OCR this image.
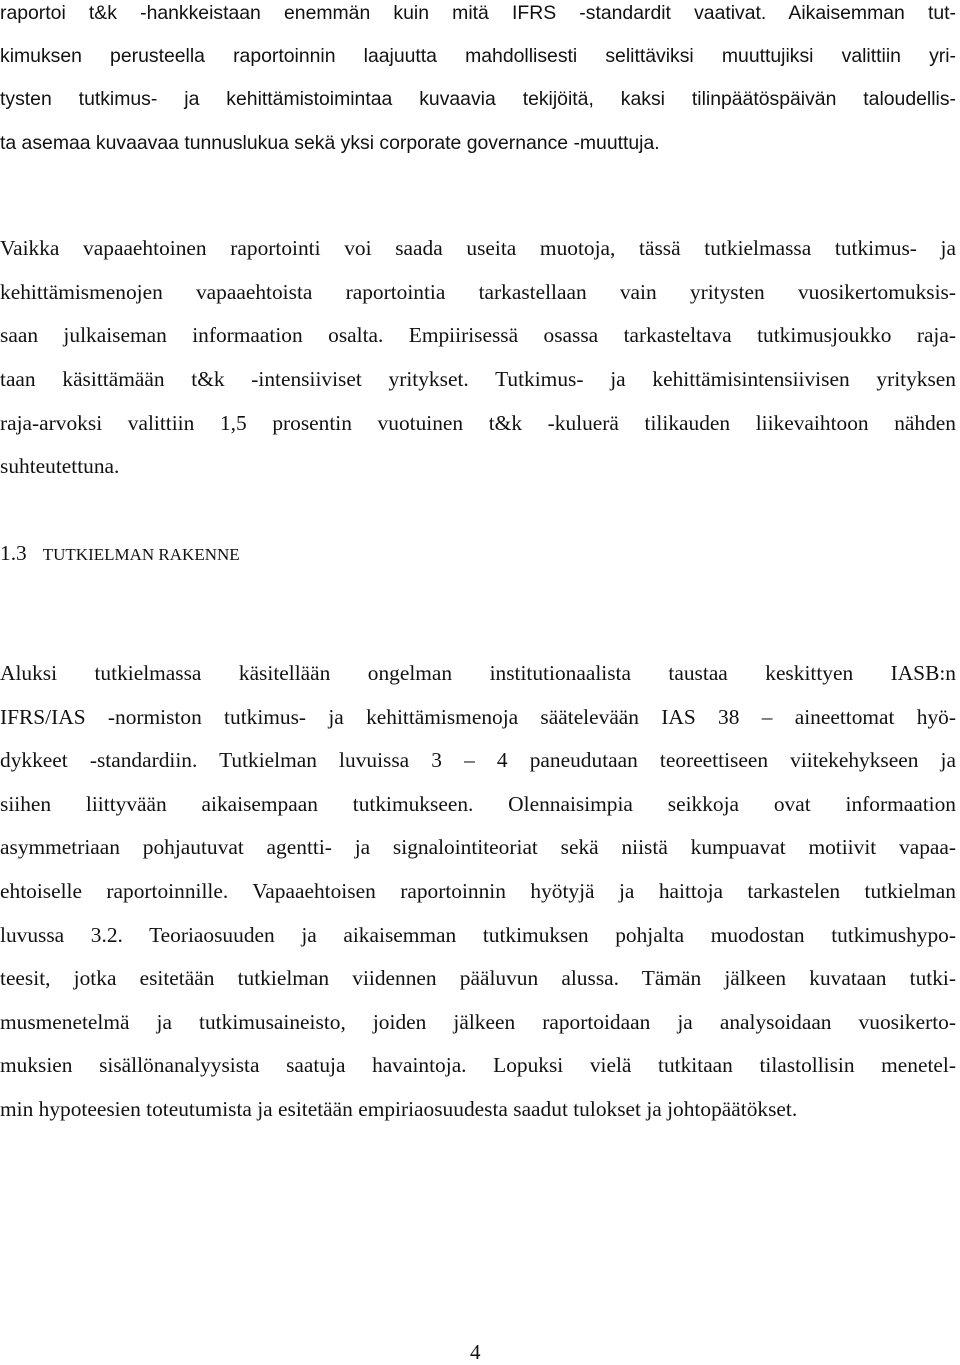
raportoi t&k -hankkeistaan enemmän kuin mitä IFRS -standardit vaativat. Aikaisemman tut-
kimuksen perusteella raportoinnin laajuutta mahdollisesti selittäviksi muuttujiksi valittiin yri-
tysten tutkimus- ja kehittämistoimintaa kuvaavia tekijöitä, kaksi tilinpäätöspäivän taloudellis-
ta asemaa kuvaavaa tunnuslukua sekä yksi corporate governance -muuttuja.
Vaikka vapaaehtoinen raportointi voi saada useita muotoja, tässä tutkielmassa tutkimus- ja
kehittämismenojen vapaaehtoista raportointia tarkastellaan vain yritysten vuosikertomuksis-
saan julkaiseman informaation osalta. Empiirisessä osassa tarkasteltava tutkimusjoukko raja-
taan käsittämään t&k -intensiiviset yritykset. Tutkimus- ja kehittämisintensiivisen yrityksen
raja-arvoksi valittiin 1,5 prosentin vuotuinen t&k -kuluerä tilikauden liikevaihtoon nähden
suhteutettuna.
1.3 TUTKIELMAN RAKENNE
Aluksi tutkielmassa käsitellään ongelman institutionaalista taustaa keskittyen IASB:n
IFRS/IAS -normiston tutkimus- ja kehittämismenoja säätelevään IAS 38 – aineettomat hyö-
dykkeet -standardiin. Tutkielman luvuissa 3 – 4 paneudutaan teoreettiseen viitekehykseen ja
siihen liittyvään aikaisempaan tutkimukseen. Olennaisimpia seikkoja ovat informaation
asymmetriaan pohjautuvat agentti- ja signalointiteoriat sekä niistä kumpuavat motiivit vapaa-
ehtoiselle raportoinnille. Vapaaehtoisen raportoinnin hyötyjä ja haittoja tarkastelen tutkielman
luvussa 3.2. Teoriaosuuden ja aikaisemman tutkimuksen pohjalta muodostan tutkimushypo-
teesit, jotka esitetään tutkielman viidennen pääluvun alussa. Tämän jälkeen kuvataan tutki-
musmenetelmä ja tutkimusaineisto, joiden jälkeen raportoidaan ja analysoidaan vuosikerto-
muksien sisällönanalyysista saatuja havaintoja. Lopuksi vielä tutkitaan tilastollisin menetel-
min hypoteesien toteutumista ja esitetään empiriaosuudesta saadut tulokset ja johtopäätökset.
4
